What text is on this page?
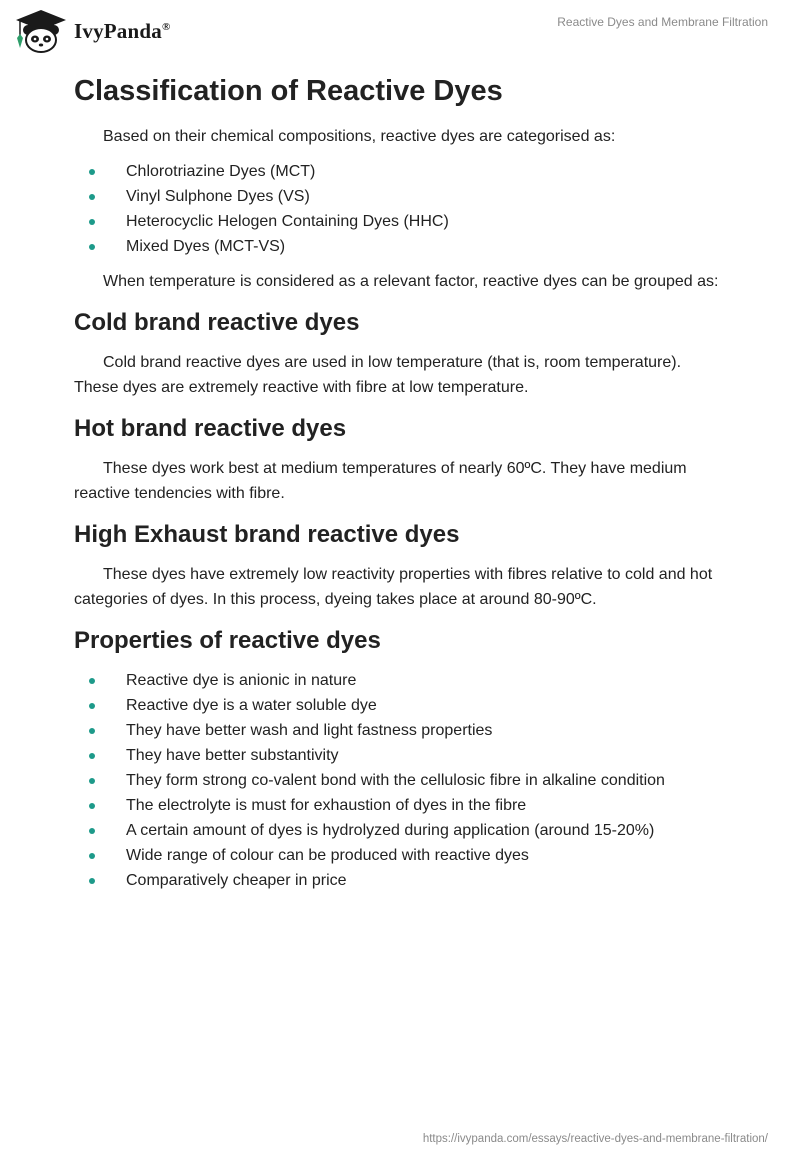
IvyPanda®	Reactive Dyes and Membrane Filtration
Classification of Reactive Dyes

Based on their chemical compositions, reactive dyes are categorised as:

Chlorotriazine Dyes (MCT)
Vinyl Sulphone Dyes (VS)
Heterocyclic Helogen Containing Dyes (HHC)
Mixed Dyes (MCT-VS)

When temperature is considered as a relevant factor, reactive dyes can be grouped as:

Cold brand reactive dyes

Cold brand reactive dyes are used in low temperature (that is, room temperature). These dyes are extremely reactive with fibre at low temperature.

Hot brand reactive dyes

These dyes work best at medium temperatures of nearly 60ºC. They have medium reactive tendencies with fibre.

High Exhaust brand reactive dyes

These dyes have extremely low reactivity properties with fibres relative to cold and hot categories of dyes. In this process, dyeing takes place at around 80-90ºC.

Properties of reactive dyes
Reactive dye is anionic in nature
Reactive dye is a water soluble dye
They have better wash and light fastness properties
They have better substantivity
They form strong co-valent bond with the cellulosic fibre in alkaline condition
The electrolyte is must for exhaustion of dyes in the fibre
A certain amount of dyes is hydrolyzed during application (around 15-20%)
Wide range of colour can be produced with reactive dyes
Comparatively cheaper in price
https://ivypanda.com/essays/reactive-dyes-and-membrane-filtration/
